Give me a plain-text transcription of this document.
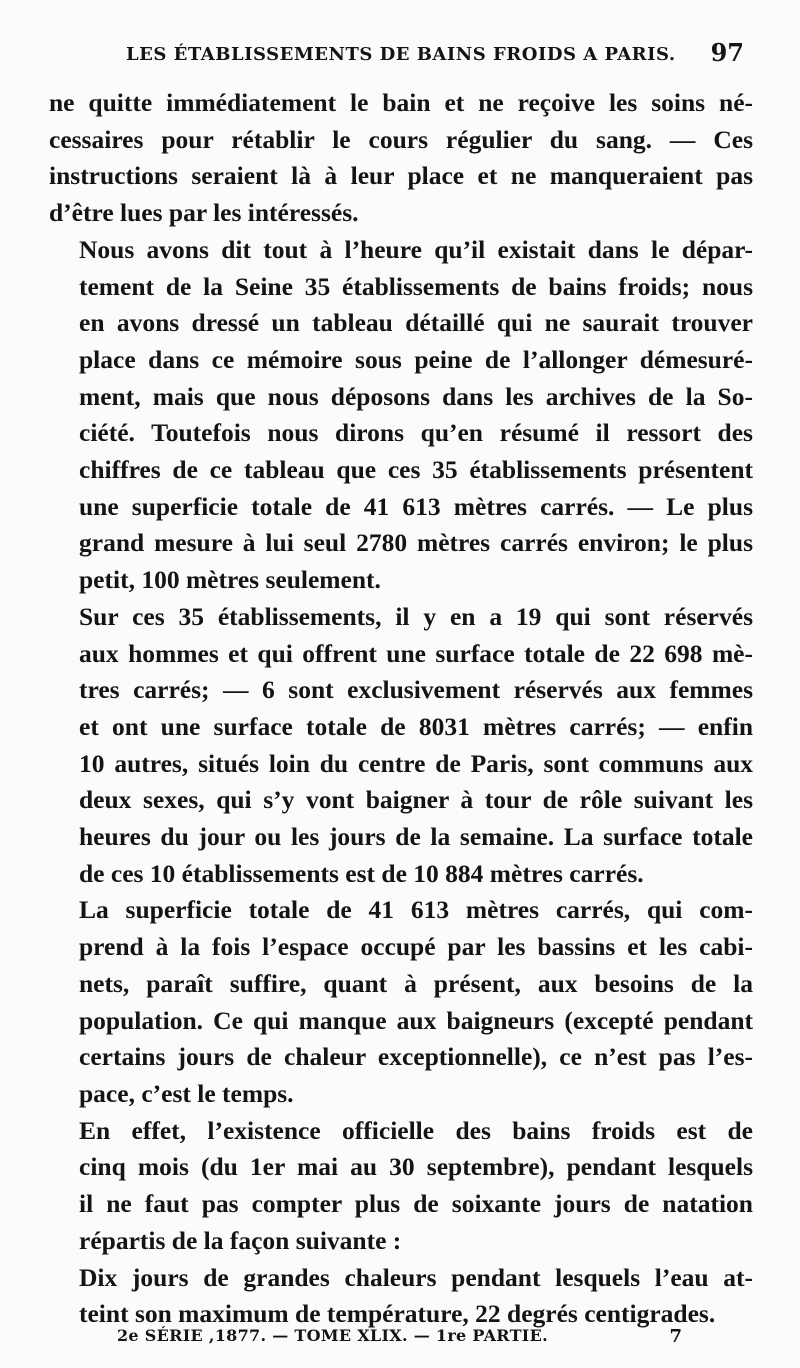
LES ÉTABLISSEMENTS DE BAINS FROIDS A PARIS. 97

ne quitte immédiatement le bain et ne reçoive les soins né-
cessaires pour rétablir le cours régulier du sang. — Ces
instructions seraient là à leur place et ne manqueraient pas
d’être lues par les intéressés.

Nous avons dit tout à l’heure qu’il existait dans le dépar-
tement de la Seine 35 établissements de bains froids; nous
en avons dressé un tableau détaillé qui ne saurait trouver
place dans ce mémoire sous peine de l’allonger démesuré-
ment, mais que nous déposons dans les archives de la So-
ciété. Toutefois nous dirons qu’en résumé il ressort des
chiffres de ce tableau que ces 35 établissements présentent
une superficie totale de 41 613 mètres carrés. — Le plus
grand mesure à lui seul 2780 mètres carrés environ; le plus
petit, 100 mètres seulement.

Sur ces 35 établissements, il y en a 19 qui sont réservés
aux hommes et qui offrent une surface totale de 22 698 mè-
tres carrés; — 6 sont exclusivement réservés aux femmes
et ont une surface totale de 8031 mètres carrés; — enfin
10 autres, situés loin du centre de Paris, sont communs aux
deux sexes, qui s’y vont baigner à tour de rôle suivant les
heures du jour ou les jours de la semaine. La surface totale
de ces 10 établissements est de 10 884 mètres carrés.

La superficie totale de 41 613 mètres carrés, qui com-
prend à la fois l’espace occupé par les bassins et les cabi-
nets, paraît suffire, quant à présent, aux besoins de la
population. Ce qui manque aux baigneurs (excepté pendant
certains jours de chaleur exceptionnelle), ce n’est pas l’es-
pace, c’est le temps.

En effet, l’existence officielle des bains froids est de
cinq mois (du 1er mai au 30 septembre), pendant lesquels
il ne faut pas compter plus de soixante jours de natation
répartis de la façon suivante :

Dix jours de grandes chaleurs pendant lesquels l’eau at-
teint son maximum de température, 22 degrés centigrades.

2e SÉRIE ,1877. — TOME XLIX. — 1re PARTIE.	7
